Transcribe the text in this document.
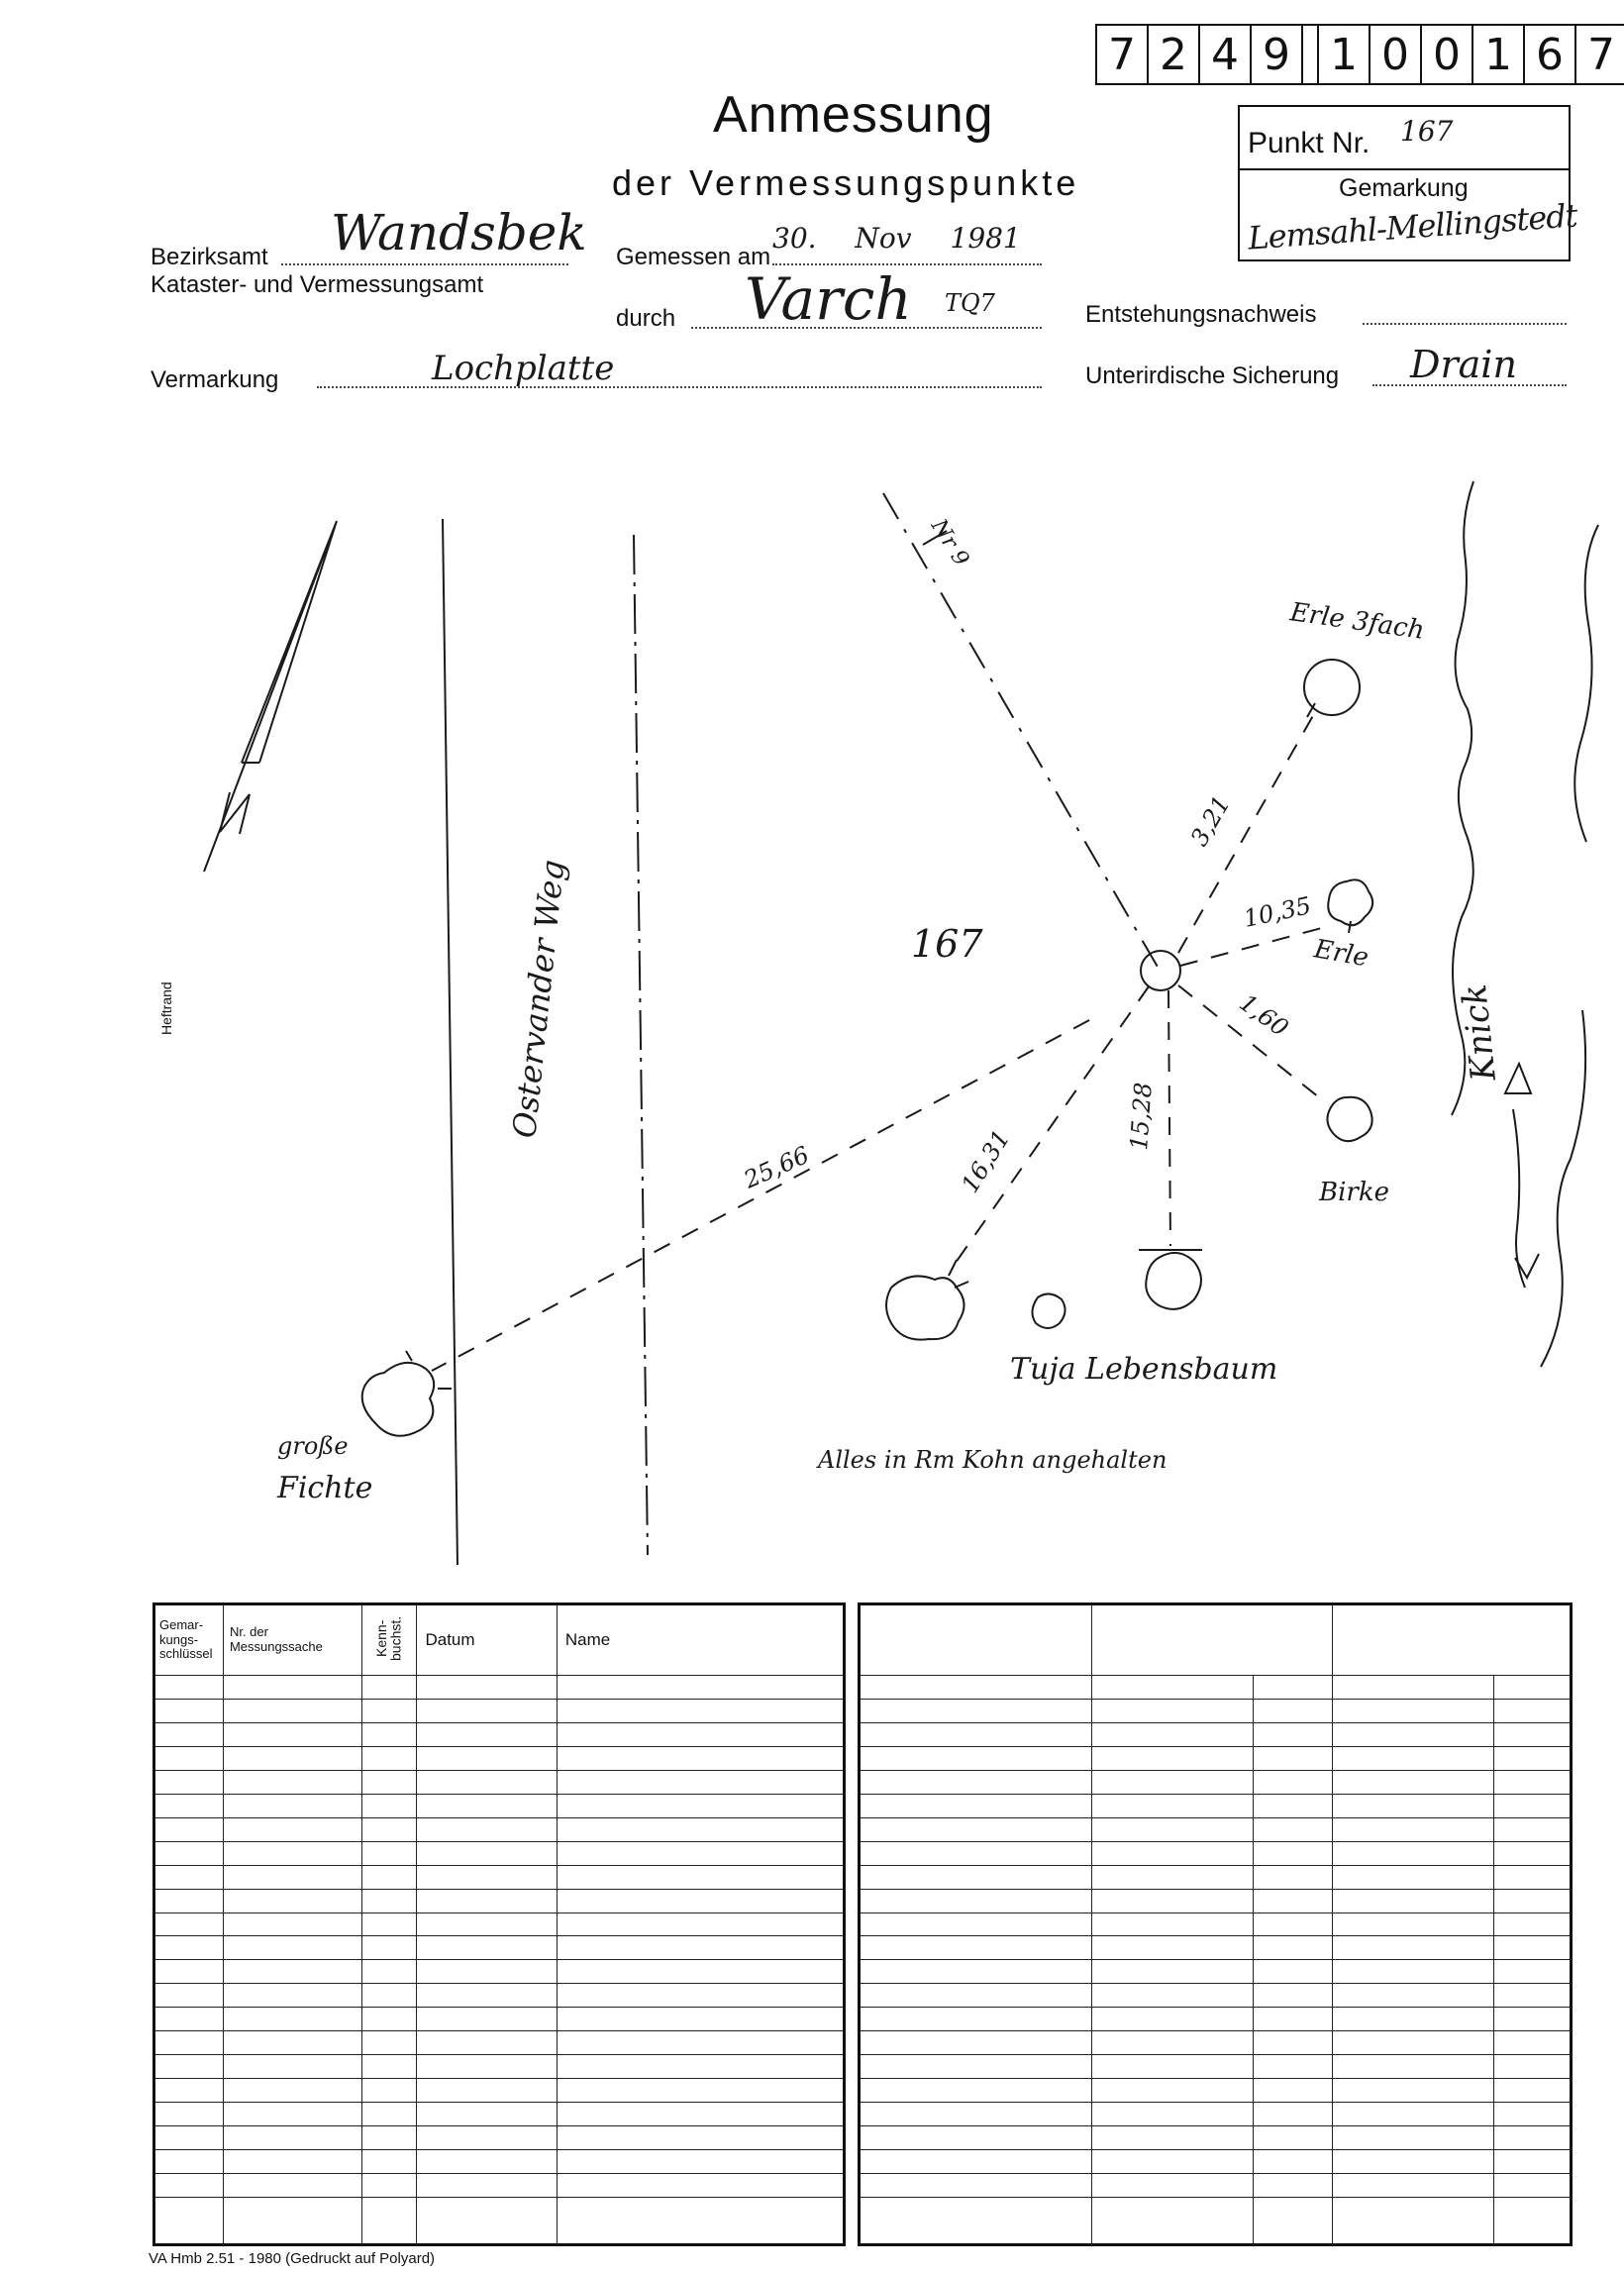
7 2 4 9 1 0 0 1 6 7
Anmessung
der Vermessungspunkte
Punkt Nr. 167
Gemarkung
Lemsahl-Mellingstedt
Bezirksamt Wandsbek
Kataster- und Vermessungsamt
Gemessen am
30. Nov 1981
durch Varch TQ7	Entstehungsnachweis
Vermarkung	Lochplatte	Unterirdische Sicherung Drain
Heftrand
167
Nr 9
Ostervander Weg
3,21
10,35
1,60
15,28
16,31
25,66
Erle 3fach
Erle
Birke
Tuja Lebensbaum
große
Fichte
Alles in Rm Kohn angehalten
Knick
Gemar-kungs-schlüssel	Nr. der Messungssache	Kenn-buchst.	Datum	Name

VA Hmb 2.51 - 1980 (Gedruckt auf Polyard)
